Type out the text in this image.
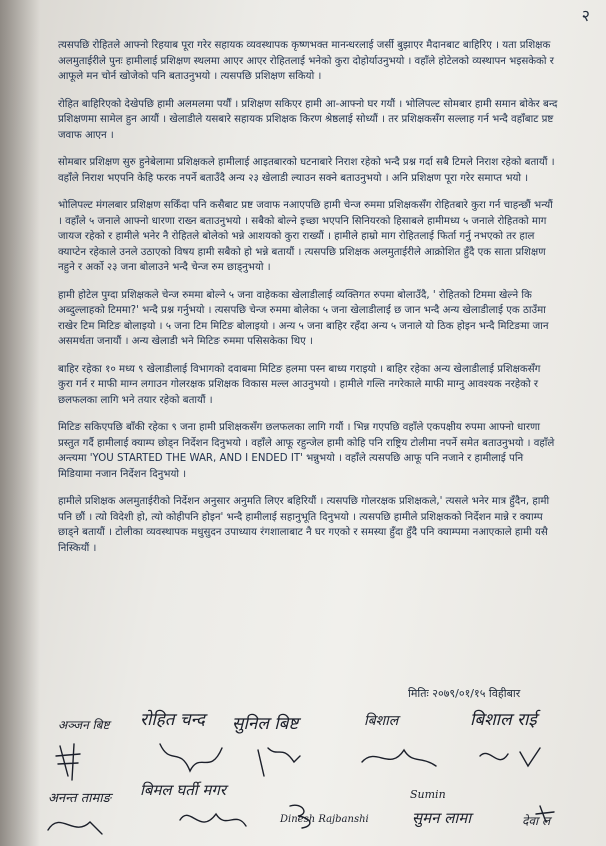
२

त्यसपछि रोहितले आफ्नो रिहयाब पूरा गरेर सहायक व्यवस्थापक कृष्णभक्त मानन्धरलाई जर्सी बुझाएर मैदानबाट बाहिरिए । यता प्रशिक्षक अलमुताईरीले पुनः हामीलाई प्रशिक्षण स्थलमा आएर आएर रोहितलाई भनेको कुरा दोहोर्याउनुभयो । वहाँले होटेलको व्यस्थापन भइसकेको र आफूले मन चोर्न खोजेको पनि बताउनुभयो । त्यसपछि प्रशिक्षण सकियो ।

रोहित बाहिरिएको देखेपछि हामी अलमलमा पर्यौं । प्रशिक्षण सकिएर हामी आ-आफ्नो घर गयौं । भोलिपल्ट सोमबार हामी समान बोकेर बन्द प्रशिक्षणमा सामेल हुन आयौं । खेलाडीले यसबारे सहायक प्रशिक्षक किरण श्रेष्ठलाई सोध्यौं । तर प्रशिक्षकसँग सल्लाह गर्न भन्दै वहाँबाट प्रष्ट जवाफ आएन ।

सोमबार प्रशिक्षण सुरु हुनेबेलामा प्रशिक्षकले हामीलाई आइतबारको घटनाबारे निराश रहेको भन्दै प्रश्न गर्दा सबै टिमले निराश रहेको बतायौं । वहाँले निराश भएपनि केहि फरक नपर्ने बताउँदै अन्य २३ खेलाडी ल्याउन सक्ने बताउनुभयो । अनि प्रशिक्षण पूरा गरेर समाप्त भयो ।

भोलिपल्ट मंगलबार प्रशिक्षण सकिँदा पनि कसैबाट प्रष्ट जवाफ नआएपछि हामी चेन्ज रुममा प्रशिक्षकसँग रोहितबारे कुरा गर्न चाहन्छौं भन्यौं । वहाँले ५ जनाले आफ्नो धारणा राख्न बताउनुभयो । सबैको बोल्ने इच्छा भएपनि सिनियरको हिसाबले हामीमध्य ५ जनाले रोहितको माग जायज रहेको र हामीले भनेर नै रोहितले बोलेको भन्ने आशयको कुरा राख्यौं । हामीले हाम्रो माग रोहितलाई फिर्ता गर्नु नभएको तर हाल क्याप्टेन रहेकाले उनले उठाएको विषय हामी सबैको हो भन्ने बतायौं । त्यसपछि प्रशिक्षक अलमुताईरीले आक्रोशित हुँदै एक साता प्रशिक्षण नहुने र अर्को २३ जना बोलाउने भन्दै चेन्ज रुम छाड्नुभयो ।

हामी होटेल पुग्दा प्रशिक्षकले चेन्ज रुममा बोल्ने ५ जना वाहेकका खेलाडीलाई व्यक्तिगत रुपमा बोलाउँदै, ' रोहितको टिममा खेल्ने कि अब्दुल्लाहको टिममा?' भन्दै प्रश्न गर्नुभयो । त्यसपछि चेन्ज रुममा बोलेका ५ जना खेलाडीलाई छ जान भन्दै अन्य खेलाडीलाई एक ठाउँमा राखेर टिम मिटिङ बोलाइयो । ५ जना टिम मिटिङ बोलाइयो । अन्य ५ जना बाहिर रहँदा अन्य ५ जनाले यो ठिक होइन भन्दै मिटिङमा जान असमर्थता जनायौं । अन्य खेलाडी भने मिटिङ रुममा पसिसकेका थिए ।

बाहिर रहेका १० मध्य ९ खेलाडीलाई विभागको दवाबमा मिटिङ हलमा पस्न बाध्य गराइयो । बाहिर रहेका अन्य खेलाडीलाई प्रशिक्षकसँग कुरा गर्न र माफी माग्न लगाउन गोलरक्षक प्रशिक्षक विकास मल्ल आउनुभयो । हामीले गल्ति नगरेकाले माफी माग्नु आवश्यक नरहेको र छलफलका लागि भने तयार रहेको बतायौं ।

मिटिङ सकिएपछि बाँकी रहेका ९ जना हामी प्रशिक्षकसँग छलफलका लागि गयौं । भिन्न गएपछि वहाँले एकपक्षीय रुपमा आफ्नो धारणा प्रस्तुत गर्दै हामीलाई क्याम्प छोड्न निर्देशन दिनुभयो । वहाँले आफू रहुन्जेल हामी कोहि पनि राष्ट्रिय टोलीमा नपर्ने समेत बताउनुभयो । वहाँले अन्त्यमा 'YOU STARTED THE WAR, AND I ENDED IT' भन्नुभयो । वहाँले त्यसपछि आफू पनि नजाने र हामीलाई पनि मिडियामा नजान निर्देशन दिनुभयो ।

हामीले प्रशिक्षक अलमुताईरीको निर्देशन अनुसार अनुमति लिएर बहिरियौं । त्यसपछि गोलरक्षक प्रशिक्षकले,' त्यसले भनेर मात्र हुँदैन, हामी पनि छौं । त्यो विदेशी हो, त्यो कोहीपनि होइन' भन्दै हामीलाई सहानुभूति दिनुभयो । त्यसपछि हामीले प्रशिक्षकको निर्देशन मान्ने र क्याम्प छाड्ने बतायौं । टोलीका व्यवस्थापक मधुसुदन उपाध्याय रंगशालाबाट नै घर गएको र समस्या हुँदा हुँदै पनि क्याम्पमा नआएकाले हामी यसै निस्कियौं ।

मितिः २०७९/०१/१५ विहीबार
अञ्जन बिष्ट रोहित चन्द सुनिल बिष्ट	बिशाल	बिशाल राई
अनन्त तामाङ बिमल घर्ती मगर
Dinesh Rajbanshi
Sumin
सुमन लामा	देवा ल
